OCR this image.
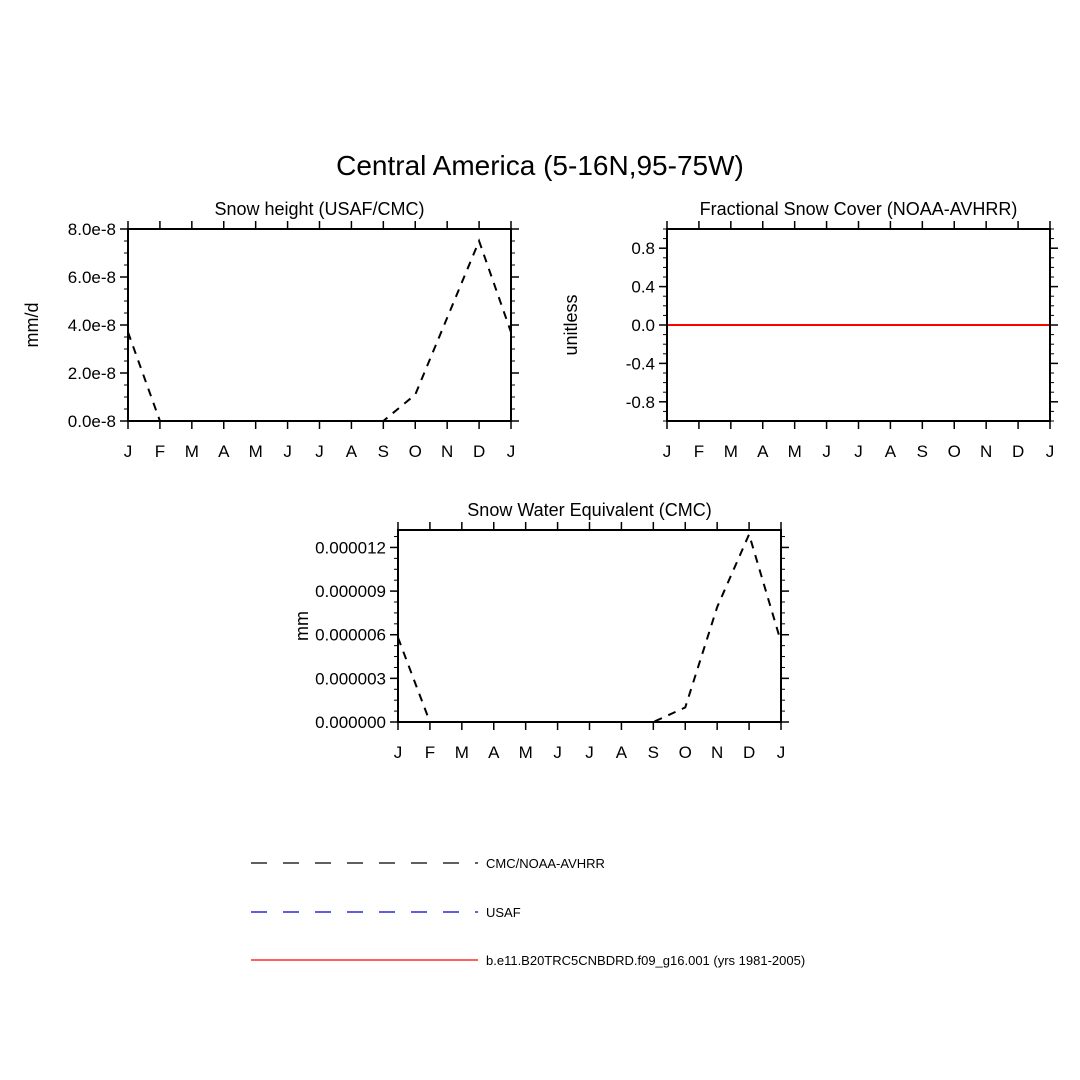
Central America (5-16N,95-75W)
Snow height (USAF/CMC)
mm/d
J F M A M J J A S O N D J
0.0e-8
2.0e-8
4.0e-8
6.0e-8
8.0e-8
Fractional Snow Cover (NOAA-AVHRR)
unitless
J F M A M J J A S O N D J
-0.8
-0.4
0.0
0.4
0.8
Snow Water Equivalent (CMC)
mm
J F M A M J J A S O N D J
0.000000
0.000003
0.000006
0.000009
0.000012
CMC/NOAA-AVHRR
USAF
b.e11.B20TRC5CNBDRD.f09_g16.001 (yrs 1981-2005)
